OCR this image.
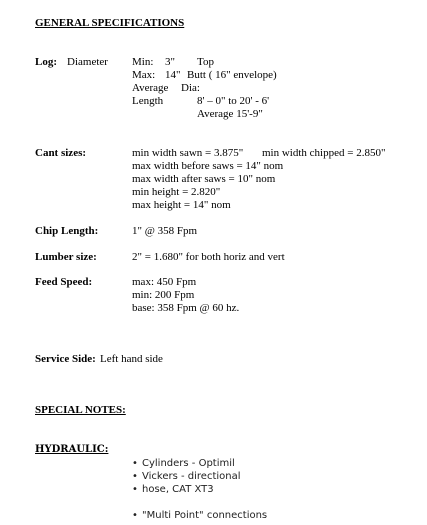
GENERAL SPECIFICATIONS
Log: Diameter Min: 3" Top
Max: 14" Butt ( 16" envelope)
Average Dia:
Length	8' – 0" to 20' - 6'
Average 15'-9"
Cant sizes:	min width sawn = 3.875" min width chipped = 2.850"
max width before saws = 14" nom
max width after saws = 10" nom
min height = 2.820"
max height = 14" nom
Chip Length:	1" @ 358 Fpm
Lumber size:	2" = 1.680" for both horiz and vert
Feed Speed:	max: 450 Fpm
min: 200 Fpm
base: 358 Fpm @ 60 hz.
Service Side: Left hand side
SPECIAL NOTES:
HYDRAULIC:
• Cylinders - Optimil
• Vickers - directional
• hose, CAT XT3
• "Multi Point" connections
